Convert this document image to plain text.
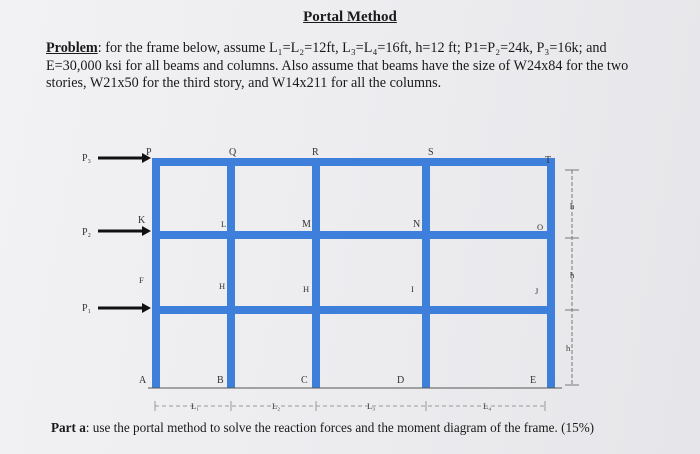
Portal Method
Problem: for the frame below, assume L₁=L₂=12ft, L₃=L₄=16ft, h=12 ft; P1=P₂=24k, P₃=16k; and E=30,000 ksi for all beams and columns. Also assume that beams have the size of W24x84 for the two stories, W21x50 for the third story, and W14x211 for all the columns.
P₃
P₂
P₁
P	Q	R	S
T
K	L	M	N	O
F
H	H	I	J
A	B	C	D	E
h
h
h
L₁	L₂	L₃	L₄
Part a: use the portal method to solve the reaction forces and the moment diagram of the frame. (15%)
